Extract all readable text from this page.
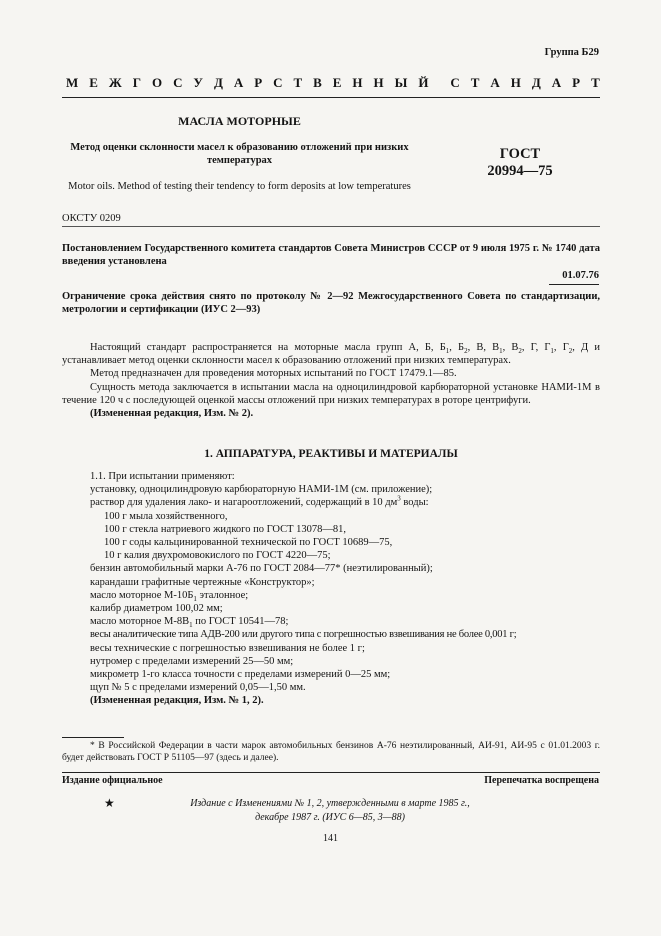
Группа Б29
М Е Ж Г О С У Д А Р С Т В Е Н Н Ы Й С Т А Н Д А Р Т
МАСЛА МОТОРНЫЕ
Метод оценки склонности масел к образованию отложений при низких температурах	ГОСТ
20994—75
Motor oils. Method of testing their tendency to form deposits at low temperatures
ОКСТУ 0209
Постановлением Государственного комитета стандартов Совета Министров СССР от 9 июля 1975 г. № 1740 дата введения установлена
01.07.76
Ограничение срока действия снято по протоколу № 2—92 Межгосударственного Совета по стандартизации, метрологии и сертификации (ИУС 2—93)

Настоящий стандарт распространяется на моторные масла групп А, Б, $Б_1$, $Б_2$, В, $В_1$, $В_2$, Г, $Г_1$, $Г_2$, Д и устанавливает метод оценки склонности масел к образованию отложений при низких температурах.

Метод предназначен для проведения моторных испытаний по ГОСТ 17479.1—85.

Сущность метода заключается в испытании масла на одноцилиндровой карбюраторной установке НАМИ-1М в течение 120 ч с последующей оценкой массы отложений при низких температурах в роторе центрифуги.

(Измененная редакция, Изм. № 2).

1. АППАРАТУРА, РЕАКТИВЫ И МАТЕРИАЛЫ

1.1. При испытании применяют:

установку, одноцилиндровую карбюраторную НАМИ-1М (см. приложение);

раствор для удаления лако- и нагароотложений, содержащий в 10 $дм^3$ воды:

100 г мыла хозяйственного,

100 г стекла натриевого жидкого по ГОСТ 13078—81,

100 г соды кальцинированной технической по ГОСТ 10689—75,

10 г калия двухромовокислого по ГОСТ 4220—75;

бензин автомобильный марки А-76 по ГОСТ 2084—77* (неэтилированный);

карандаши графитные чертежные «Конструктор»;

масло моторное $М-10Б_1$ эталонное;

калибр диаметром 100,02 мм;

масло моторное $М-8В_1$ по ГОСТ 10541—78;

весы аналитические типа АДВ-200 или другого типа с погрешностью взвешивания не более 0,001 г;

весы технические с погрешностью взвешивания не более 1 г;

нутромер с пределами измерений 25—50 мм;

микрометр 1-го класса точности с пределами измерений 0—25 мм;

щуп № 5 с пределами измерений 0,05—1,50 мм.

(Измененная редакция, Изм. № 1, 2).

* В Российской Федерации в части марок автомобильных бензинов А-76 неэтилированный, АИ-91, АИ-95 с 01.01.2003 г. будет действовать ГОСТ Р 51105—97 (здесь и далее).
Издание официальное	Перепечатка воспрещена
★	Издание с Изменениями № 1, 2, утвержденными в марте 1985 г.,
декабре 1987 г. (ИУС 6—85, 3—88)
141
